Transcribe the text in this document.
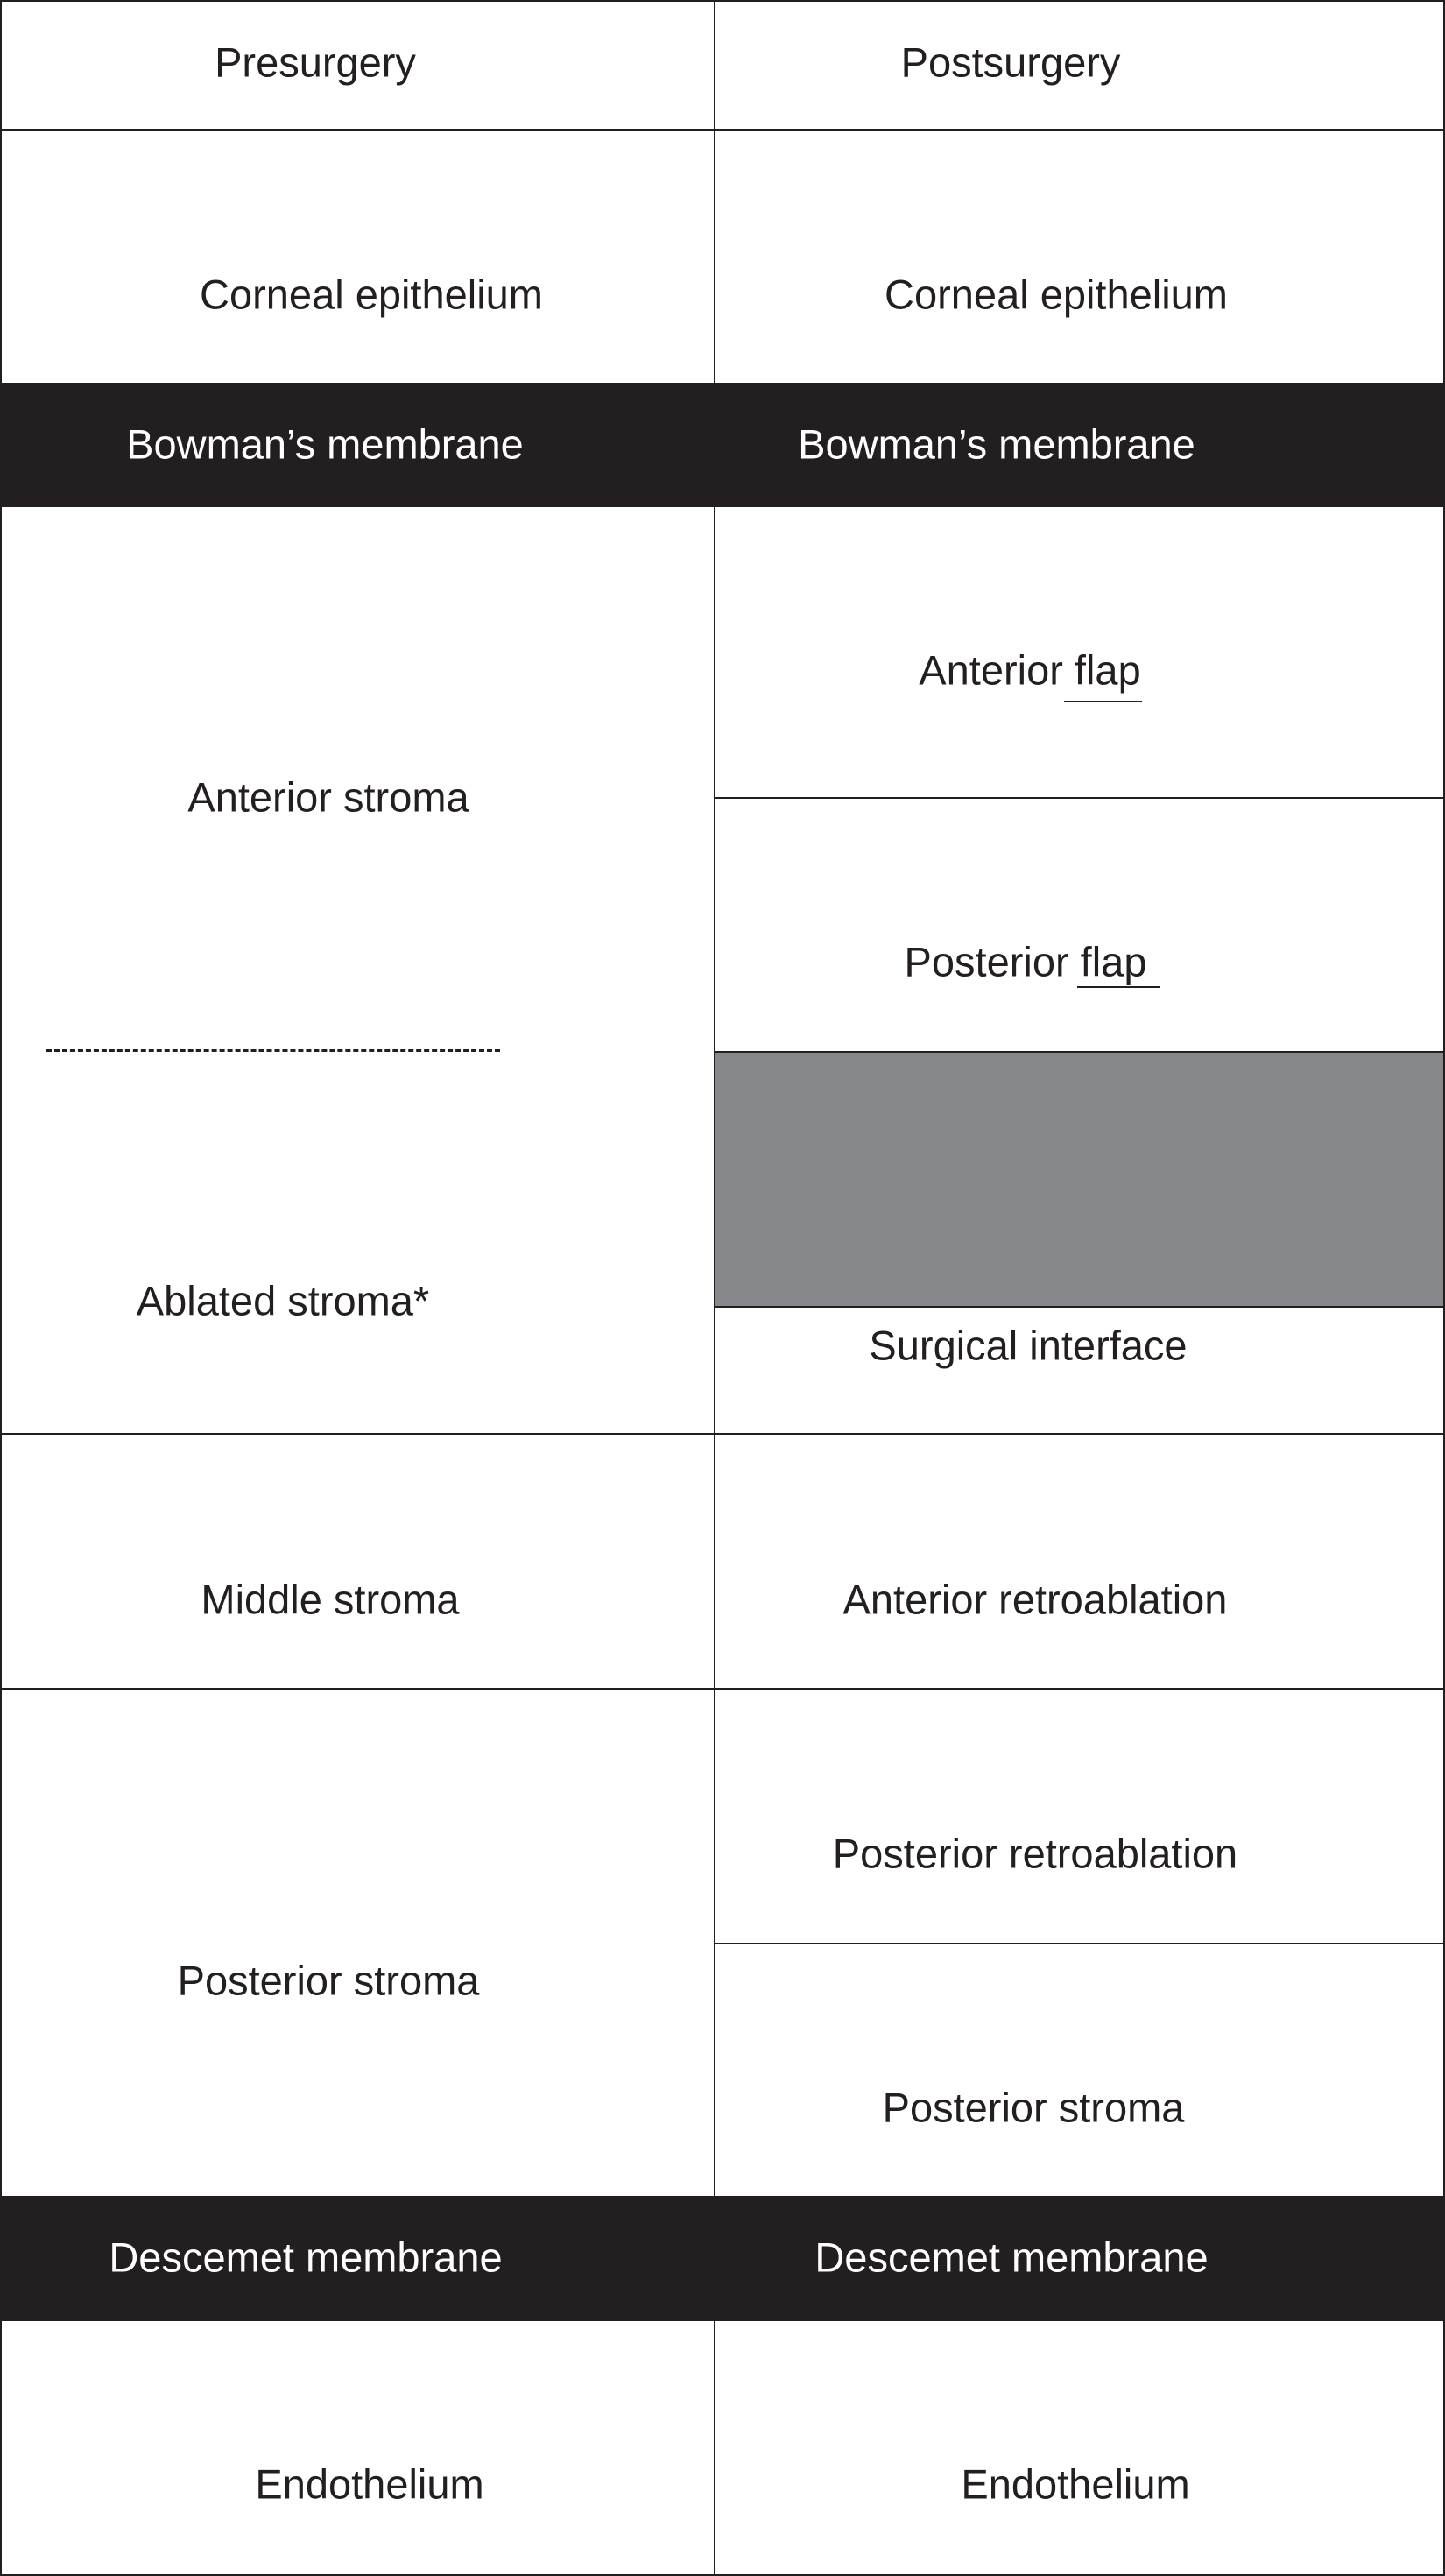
Presurgery	Postsurgery
Corneal epithelium
Bowman’s membrane
Anterior stroma
Ablated stroma*
Middle stroma
Posterior stroma
Descemet membrane
Endothelium
Corneal epithelium
Bowman’s membrane
Anterior flap
Posterior flap
Surgical interface
Anterior retroablation
Posterior retroablation
Posterior stroma
Descemet membrane
Endothelium
